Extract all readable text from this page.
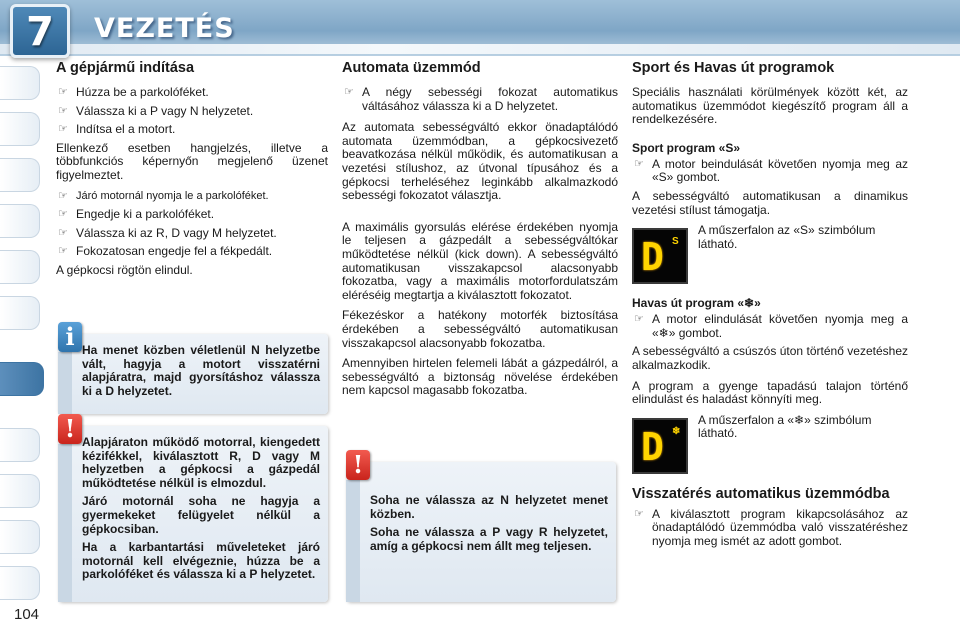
7	VEZETÉS
A gépjármű indítása
☞ Húzza be a parkolóféket.
☞ Válassza ki a P vagy N helyzetet.
☞ Indítsa el a motort.

Ellenkező esetben hangjelzés, illetve a többfunkciós képernyőn megjelenő üzenet figyelmeztet.

☞ Járó motornál nyomja le a parkolóféket.
☞ Engedje ki a parkolóféket.
☞ Válassza ki az R, D vagy M helyzetet.
☞ Fokozatosan engedje fel a fékpedált.

A gépkocsi rögtön elindul.

i Ha menet közben véletlenül N helyzetbe vált, hagyja a motort visszatérni alapjáratra, majd gyorsításhoz válassza ki a D helyzetet.

! Alapjáraton működő motorral, kiengedett kézifékkel, kiválasztott R, D vagy M helyzetben a gépkocsi a gázpedál működtetése nélkül is elmozdul.

Járó motornál soha ne hagyja a gyermekeket felügyelet nélkül a gépkocsiban.

Ha a karbantartási műveleteket járó motornál kell elvégeznie, húzza be a parkolóféket és válassza ki a P helyzetet.

Automata üzemmód
☞ A négy sebességi fokozat automatikus váltásához válassza ki a D helyzetet.

Az automata sebességváltó ekkor önadaptálódó automata üzemmódban, a gépkocsivezető beavatkozása nélkül működik, és automatikusan a vezetési stílushoz, az útvonal típusához és a gépkocsi terheléséhez leginkább alkalmazkodó sebességi fokozatot választja.

A maximális gyorsulás elérése érdekében nyomja le teljesen a gázpedált a sebességváltókar működtetése nélkül (kick down). A sebességváltó automatikusan visszakapcsol alacsonyabb fokozatba, vagy a maximális motorfordulatszám eléréséig megtartja a kiválasztott fokozatot.

Fékezéskor a hatékony motorfék biztosítása érdekében a sebességváltó automatikusan visszakapcsol alacsonyabb fokozatba.

Amennyiben hirtelen felemeli lábát a gázpedálról, a sebességváltó a biztonság növelése érdekében nem kapcsol magasabb fokozatba.

!

Soha ne válassza az N helyzetet menet közben.

Soha ne válassza a P vagy R helyzetet, amíg a gépkocsi nem állt meg teljesen.

Sport és Havas út programok

Speciális használati körülmények között két, az automatikus üzemmódot kiegészítő program áll a rendelkezésére.

Sport program «S»
☞ A motor beindulását követően nyomja meg az «S» gombot.

A sebességváltó automatikusan a dinamikus vezetési stílust támogatja.

D S
A műszerfalon az «S» szimbólum látható.
Havas út program «❄»
☞ A motor elindulását követően nyomja meg a «❄» gombot.

A sebességváltó a csúszós úton történő vezetéshez alkalmazkodik.

A program a gyenge tapadású talajon történő elindulást és haladást könnyíti meg.

D ❄
A műszerfalon a «❄» szimbólum látható.
Visszatérés automatikus üzemmódba
☞ A kiválasztott program kikapcsolásához az önadaptálódó üzemmódba való visszatéréshez nyomja meg ismét az adott gombot.
104
